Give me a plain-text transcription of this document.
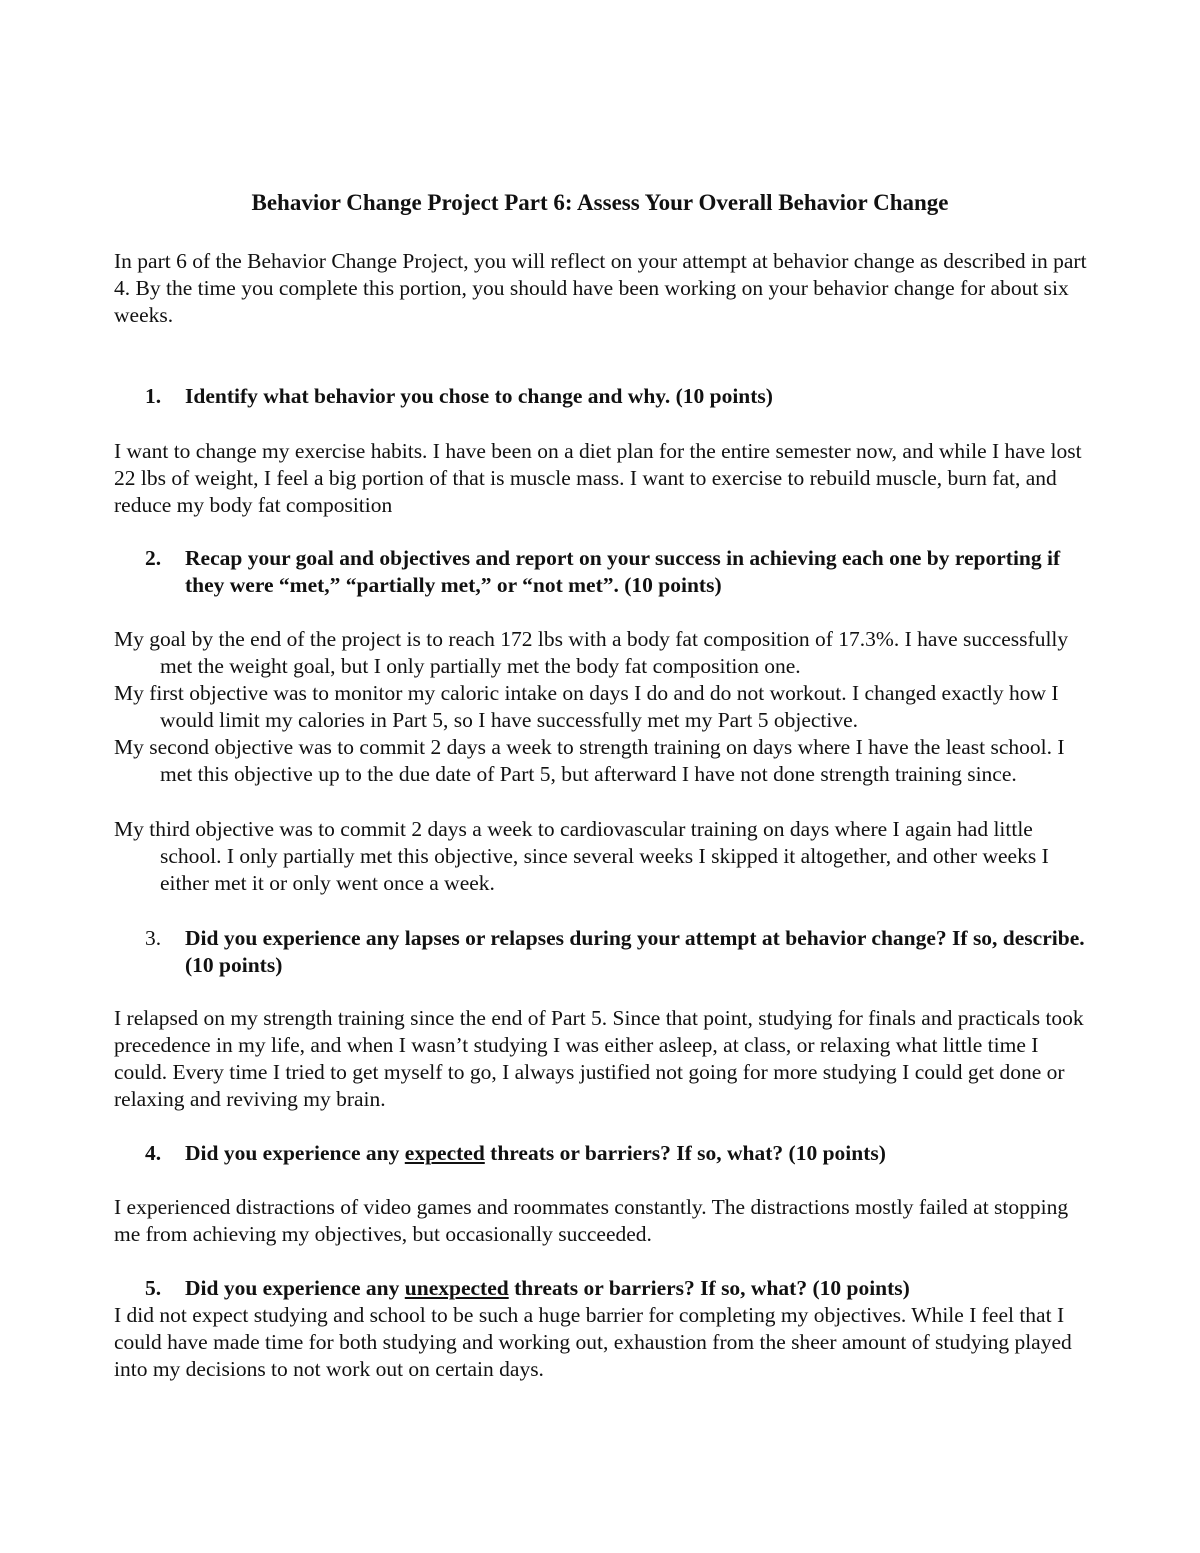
Behavior Change Project Part 6: Assess Your Overall Behavior Change

In part 6 of the Behavior Change Project, you will reflect on your attempt at behavior change as described in part 4. By the time you complete this portion, you should have been working on your behavior change for about six weeks.

1.	Identify what behavior you chose to change and why. (10 points)

I want to change my exercise habits. I have been on a diet plan for the entire semester now, and while I have lost 22 lbs of weight, I feel a big portion of that is muscle mass. I want to exercise to rebuild muscle, burn fat, and reduce my body fat composition

2.	Recap your goal and objectives and report on your success in achieving each one by reporting if they were “met,” “partially met,” or “not met”. (10 points)

My goal by the end of the project is to reach 172 lbs with a body fat composition of 17.3%. I have successfully met the weight goal, but I only partially met the body fat composition one.

My first objective was to monitor my caloric intake on days I do and do not workout. I changed exactly how I would limit my calories in Part 5, so I have successfully met my Part 5 objective.

My second objective was to commit 2 days a week to strength training on days where I have the least school. I met this objective up to the due date of Part 5, but afterward I have not done strength training since.

My third objective was to commit 2 days a week to cardiovascular training on days where I again had little school. I only partially met this objective, since several weeks I skipped it altogether, and other weeks I either met it or only went once a week.

3.	Did you experience any lapses or relapses during your attempt at behavior change? If so, describe. (10 points)

I relapsed on my strength training since the end of Part 5. Since that point, studying for finals and practicals took precedence in my life, and when I wasn’t studying I was either asleep, at class, or relaxing what little time I could. Every time I tried to get myself to go, I always justified not going for more studying I could get done or relaxing and reviving my brain.

4.	Did you experience any expected threats or barriers? If so, what? (10 points)

I experienced distractions of video games and roommates constantly. The distractions mostly failed at stopping me from achieving my objectives, but occasionally succeeded.

5.	Did you experience any unexpected threats or barriers? If so, what? (10 points)

I did not expect studying and school to be such a huge barrier for completing my objectives. While I feel that I could have made time for both studying and working out, exhaustion from the sheer amount of studying played into my decisions to not work out on certain days.
